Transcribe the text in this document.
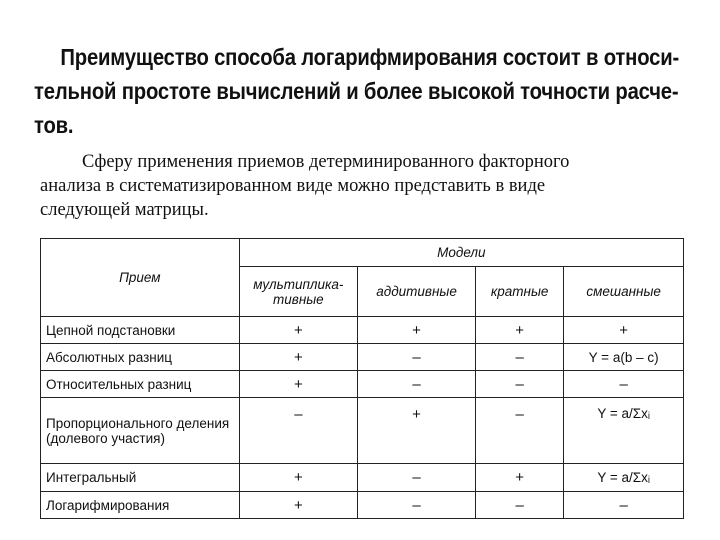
Преимущество способа логарифмирования состоит в относи-
тельной простоте вычислений и более высокой точности расче-
тов.
Сферу применения приемов детерминированного факторного
анализа в систематизированном виде можно представить в виде
следующей матрицы.
Прием	Модели			
	мультиплика-тивные	аддитивные	кратные	смешанные
Цепной подстановки	+	+	+	+
Абсолютных разниц	+	–	–	Y = a(b – c)
Относительных разниц	+	–	–	–
Пропорционального деления (долевого участия)	–	+	–	Y = a/Σxᵢ
Интегральный	+	–	+	Y = a/Σxᵢ
Логарифмирования	+	–	–	–
